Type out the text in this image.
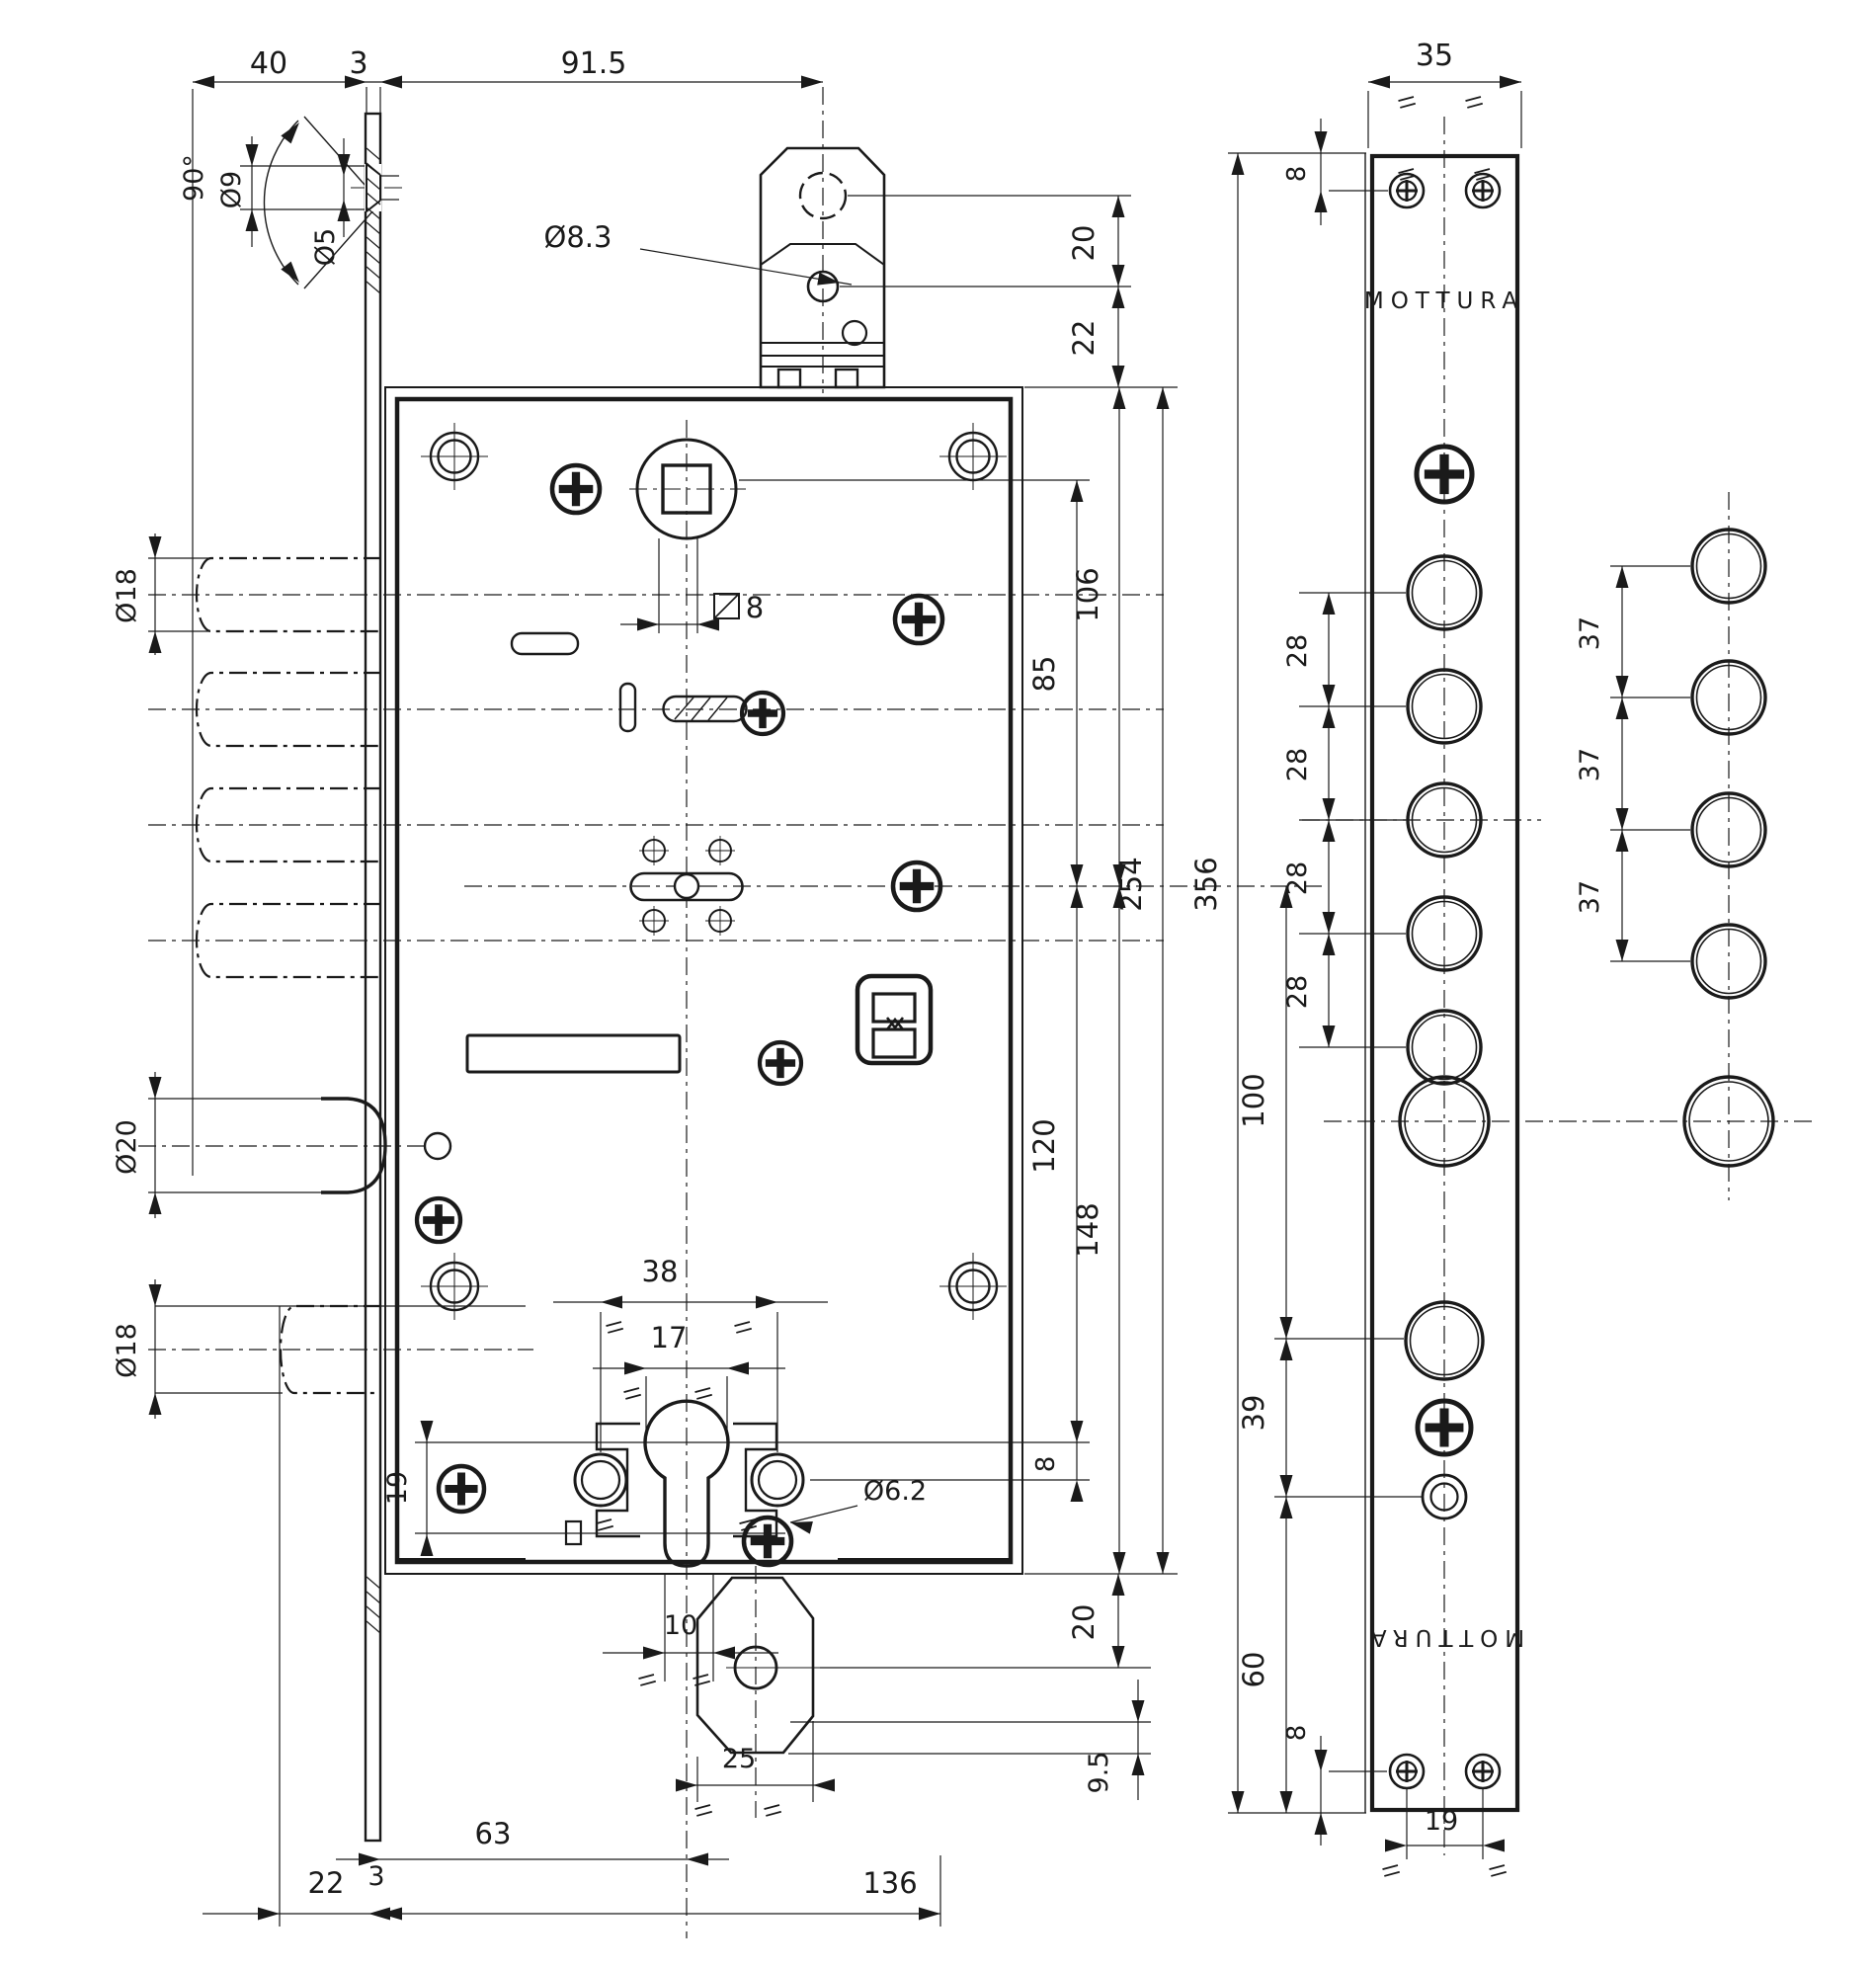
40 3	91.5	35
8
MOTTURA
90° Ø9
Ø5	Ø8.3	20
22
Ø18
Ø20
Ø18
28
28
28
28
37
37
37
85
106
254 356
100
120
148
8
39
60
8
20
9.5
8
38
17
19	Ø6.2
10
25
63
22 3	136
19
MOTTURA
